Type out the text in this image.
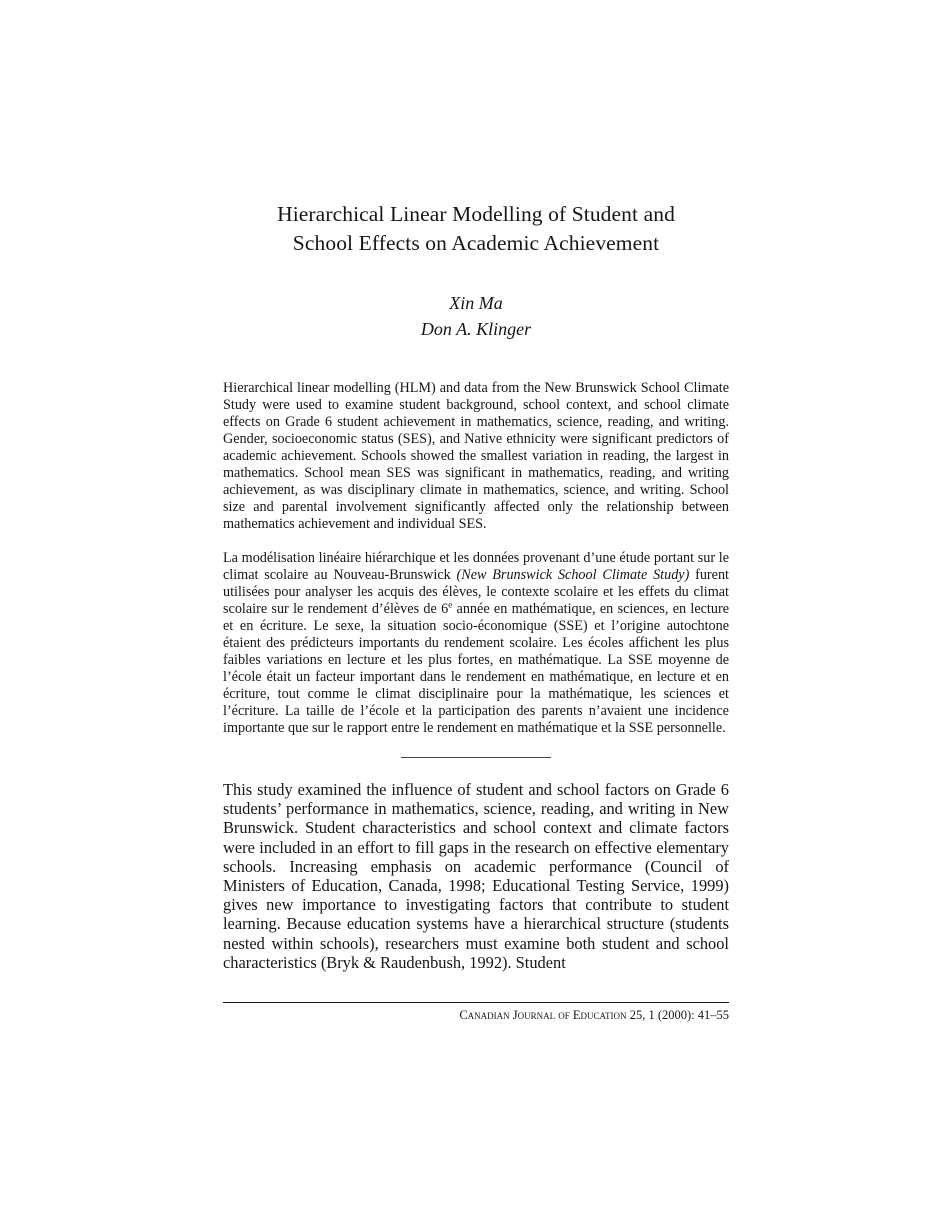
Hierarchical Linear Modelling of Student and
School Effects on Academic Achievement
Xin Ma
Don A. Klinger

Hierarchical linear modelling (HLM) and data from the New Brunswick School Climate Study were used to examine student background, school context, and school climate effects on Grade 6 student achievement in mathematics, science, reading, and writing. Gender, socioeconomic status (SES), and Native ethnicity were significant predictors of academic achievement. Schools showed the smallest variation in reading, the largest in mathematics. School mean SES was significant in mathematics, reading, and writing achievement, as was disciplinary climate in mathematics, science, and writing. School size and parental involvement significantly affected only the relationship between mathematics achievement and individual SES.

La modélisation linéaire hiérarchique et les données provenant d’une étude portant sur le climat scolaire au Nouveau-Brunswick (New Brunswick School Climate Study) furent utilisées pour analyser les acquis des élèves, le contexte scolaire et les effets du climat scolaire sur le rendement d’élèves de 6e année en mathématique, en sciences, en lecture et en écriture. Le sexe, la situation socio-économique (SSE) et l’origine autochtone étaient des prédicteurs importants du rendement scolaire. Les écoles affichent les plus faibles variations en lecture et les plus fortes, en mathématique. La SSE moyenne de l’école était un facteur important dans le rendement en mathématique, en lecture et en écriture, tout comme le climat disciplinaire pour la mathématique, les sciences et l’écriture. La taille de l’école et la participation des parents n’avaient une incidence importante que sur le rapport entre le rendement en mathématique et la SSE personnelle.

This study examined the influence of student and school factors on Grade 6 students’ performance in mathematics, science, reading, and writing in New Brunswick. Student characteristics and school context and climate factors were included in an effort to fill gaps in the research on effective elementary schools. Increasing emphasis on academic performance (Council of Ministers of Education, Canada, 1998; Educational Testing Service, 1999) gives new importance to investigating factors that contribute to student learning. Because education systems have a hierarchical structure (students nested within schools), researchers must examine both student and school characteristics (Bryk & Raudenbush, 1992). Student

Canadian Journal of Education 25, 1 (2000): 41–55
